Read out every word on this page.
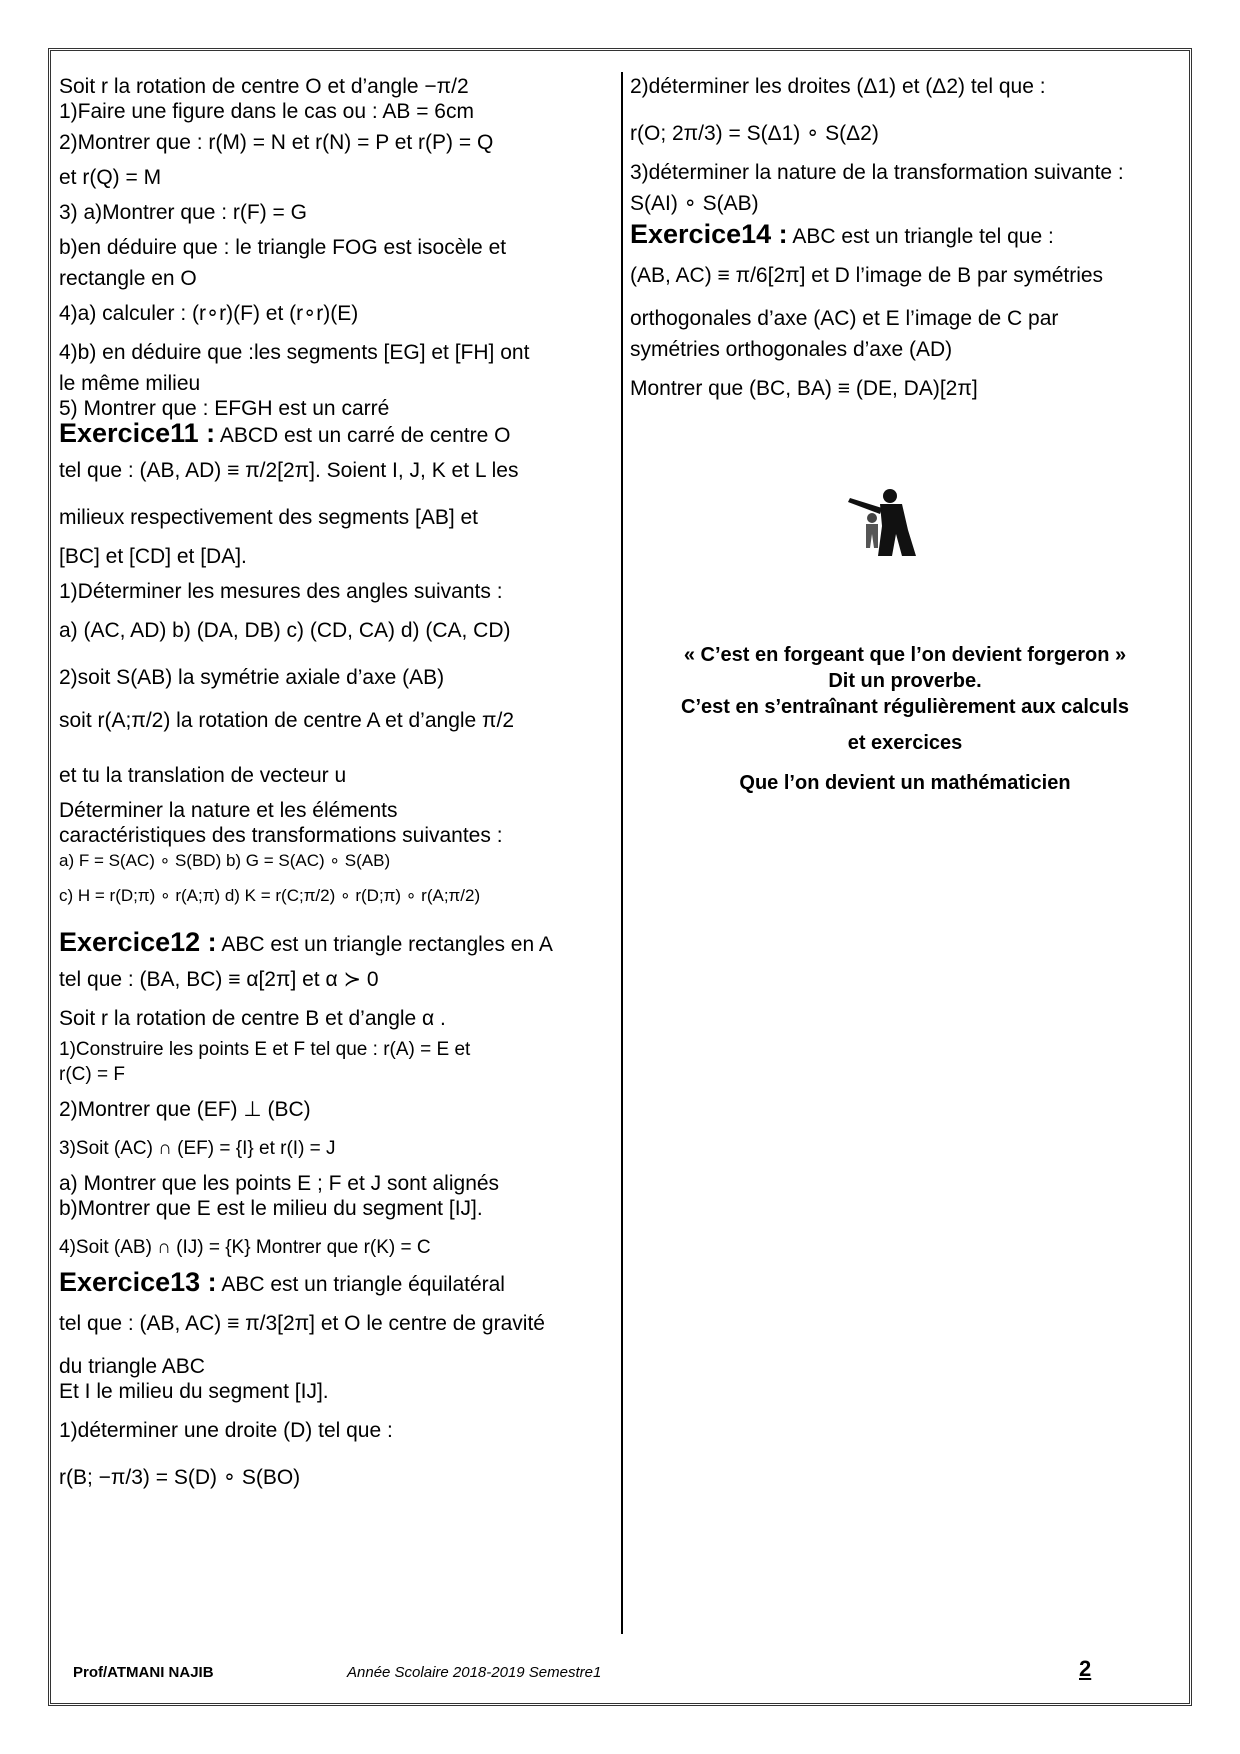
Soit r la rotation de centre O et d’angle −π/2

1)Faire une figure dans le cas ou : AB = 6cm

2)Montrer que : r(M) = N et r(N) = P et r(P) = Q

et r(Q) = M

3) a)Montrer que : r(F) = G

b)en déduire que : le triangle FOG est isocèle et

rectangle en O

4)a) calculer : (r∘r)(F) et (r∘r)(E)

4)b) en déduire que :les segments [EG] et [FH] ont

le même milieu

5) Montrer que : EFGH est un carré

Exercice11 : ABCD est un carré de centre O

tel que : (AB, AD) ≡ π/2[2π]. Soient I, J, K et L les

milieux respectivement des segments [AB] et

[BC] et [CD] et [DA].

1)Déterminer les mesures des angles suivants :

a) (AC, AD) b) (DA, DB) c) (CD, CA) d) (CA, CD)

2)soit S(AB) la symétrie axiale d’axe (AB)

soit r(A;π/2) la rotation de centre A et d’angle π/2

et tu la translation de vecteur u

Déterminer la nature et les éléments

caractéristiques des transformations suivantes :

a) F = S(AC) ∘ S(BD) b) G = S(AC) ∘ S(AB)

c) H = r(D;π) ∘ r(A;π) d) K = r(C;π/2) ∘ r(D;π) ∘ r(A;π/2)

Exercice12 : ABC est un triangle rectangles en A

tel que : (BA, BC) ≡ α[2π] et α ≻ 0

Soit r la rotation de centre B et d’angle α .

1)Construire les points E et F tel que : r(A) = E et

r(C) = F

2)Montrer que (EF) ⊥ (BC)

3)Soit (AC) ∩ (EF) = {I} et r(I) = J

a) Montrer que les points E ; F et J sont alignés

b)Montrer que E est le milieu du segment [IJ].

4)Soit (AB) ∩ (IJ) = {K} Montrer que r(K) = C

Exercice13 : ABC est un triangle équilatéral

tel que : (AB, AC) ≡ π/3[2π] et O le centre de gravité

du triangle ABC

Et I le milieu du segment [IJ].

1)déterminer une droite (D) tel que :

r(B; −π/3) = S(D) ∘ S(BO)

2)déterminer les droites (Δ1) et (Δ2) tel que :

r(O; 2π/3) = S(Δ1) ∘ S(Δ2)

3)déterminer la nature de la transformation suivante :

S(AI) ∘ S(AB)

Exercice14 : ABC est un triangle tel que :

(AB, AC) ≡ π/6[2π] et D l’image de B par symétries

orthogonales d’axe (AC) et E l’image de C par

symétries orthogonales d’axe (AD)

Montrer que (BC, BA) ≡ (DE, DA)[2π]

« C’est en forgeant que l’on devient forgeron »

Dit un proverbe.

C’est en s’entraînant régulièrement aux calculs

et exercices

Que l’on devient un mathématicien

Prof/ATMANI NAJIB	Année Scolaire 2018-2019 Semestre1	2
